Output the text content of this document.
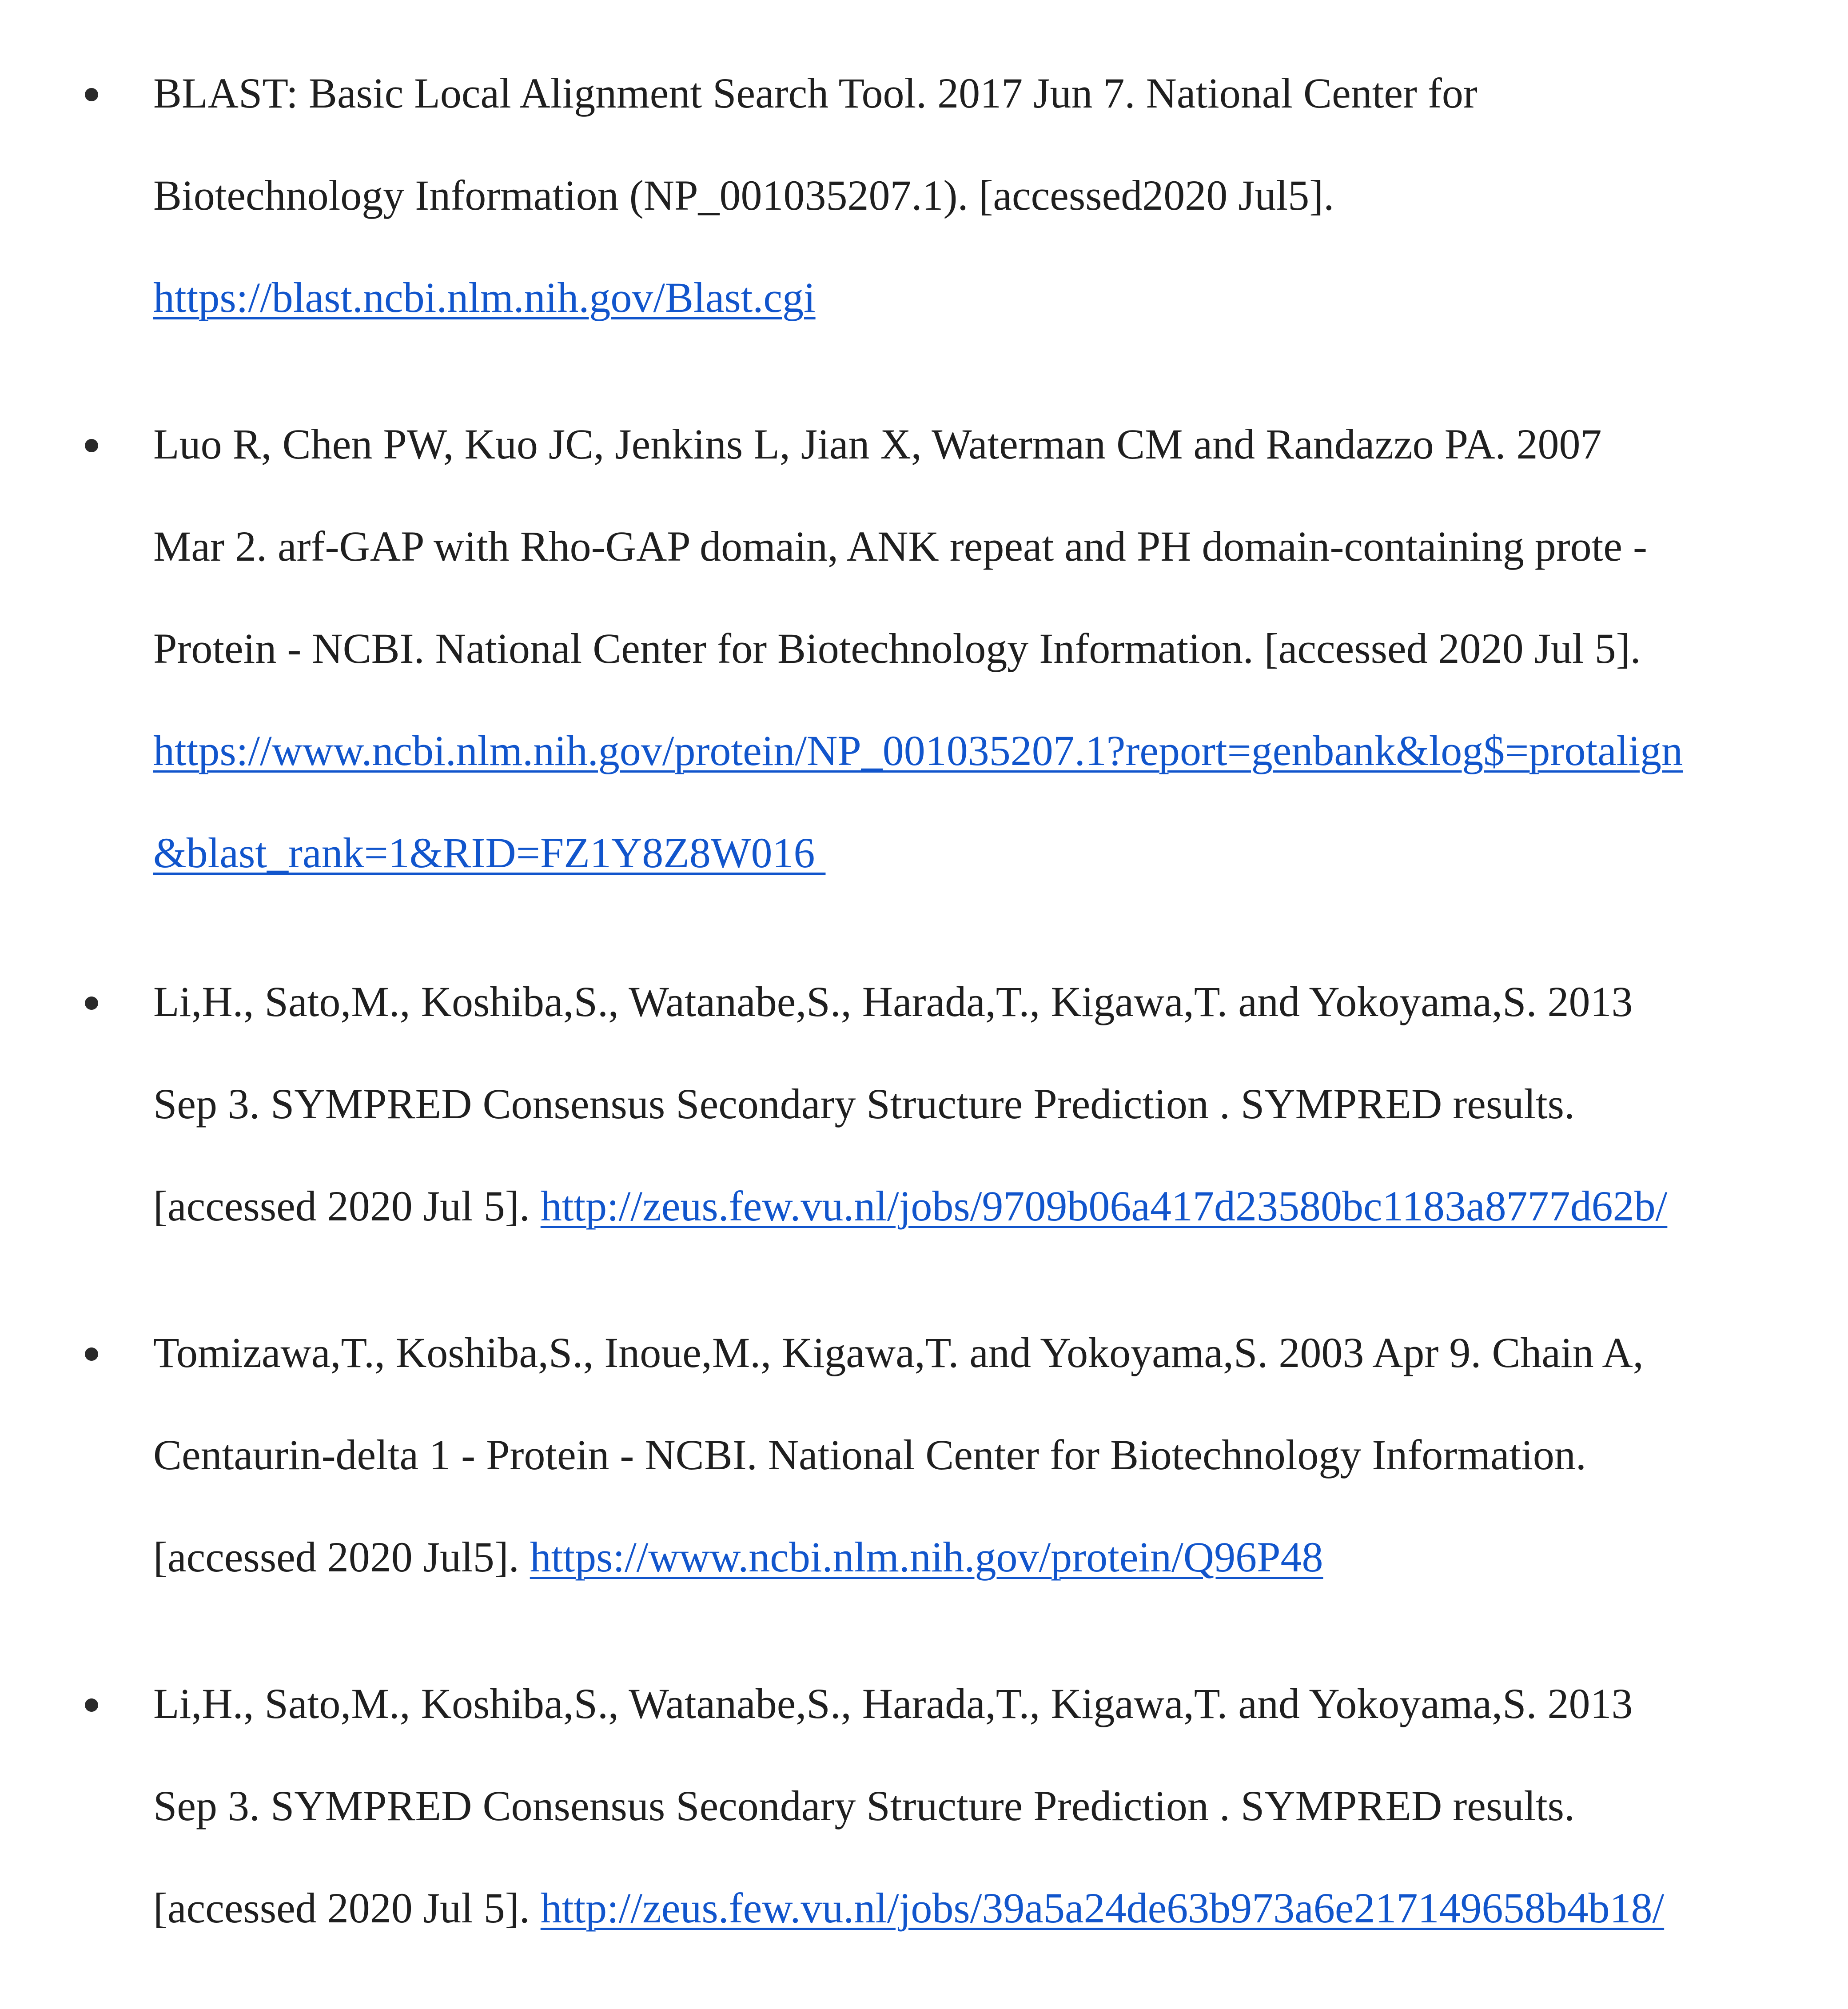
BLAST: Basic Local Alignment Search Tool. 2017 Jun 7. National Center for
Biotechnology Information (NP_001035207.1). [accessed2020 Jul5].
https://blast.ncbi.nlm.nih.gov/Blast.cgi
Luo R, Chen PW, Kuo JC, Jenkins L, Jian X, Waterman CM and Randazzo PA. 2007
Mar 2. arf-GAP with Rho-GAP domain, ANK repeat and PH domain-containing prote -
Protein - NCBI. National Center for Biotechnology Information. [accessed 2020 Jul 5].
https://www.ncbi.nlm.nih.gov/protein/NP_001035207.1?report=genbank&log$=protalign
&blast_rank=1&RID=FZ1Y8Z8W016
Li,H., Sato,M., Koshiba,S., Watanabe,S., Harada,T., Kigawa,T. and Yokoyama,S. 2013
Sep 3. SYMPRED Consensus Secondary Structure Prediction . SYMPRED results.
[accessed 2020 Jul 5]. http://zeus.few.vu.nl/jobs/9709b06a417d23580bc1183a8777d62b/
Tomizawa,T., Koshiba,S., Inoue,M., Kigawa,T. and Yokoyama,S. 2003 Apr 9. Chain A,
Centaurin-delta 1 - Protein - NCBI. National Center for Biotechnology Information.
[accessed 2020 Jul5]. https://www.ncbi.nlm.nih.gov/protein/Q96P48
Li,H., Sato,M., Koshiba,S., Watanabe,S., Harada,T., Kigawa,T. and Yokoyama,S. 2013
Sep 3. SYMPRED Consensus Secondary Structure Prediction . SYMPRED results.
[accessed 2020 Jul 5]. http://zeus.few.vu.nl/jobs/39a5a24de63b973a6e217149658b4b18/
